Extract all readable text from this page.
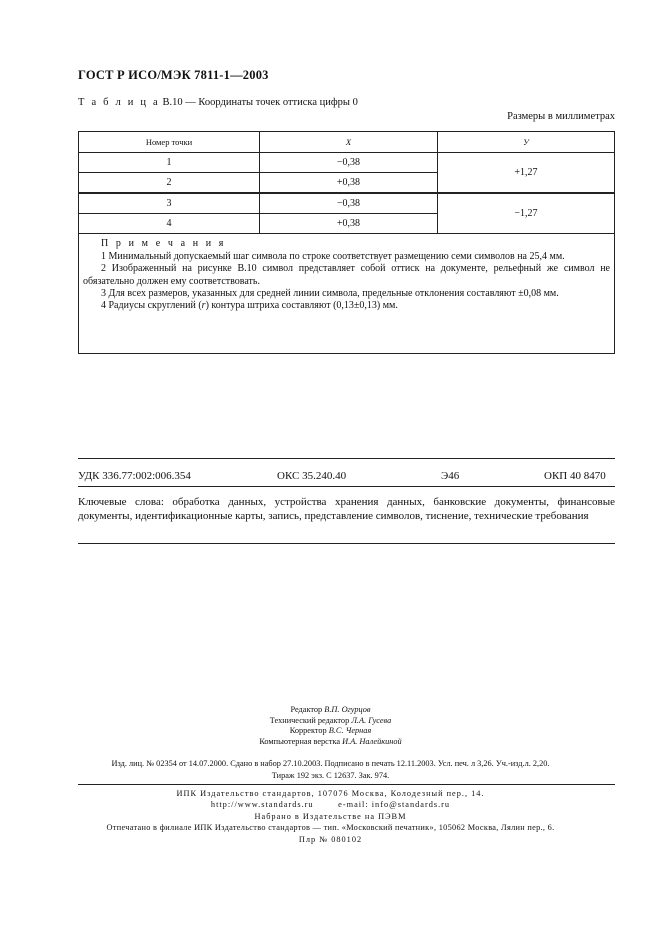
ГОСТ Р ИСО/МЭК 7811-1—2003
Т а б л и ц а В.10 — Координаты точек оттиска цифры 0
Размеры в миллиметрах
Номер точки	X	У
1	−0,38	+1,27
2	+0,38	
3	−0,38	−1,27
4	+0,38	
П р и м е ч а н и я

1 Минимальный допускаемый шаг символа по строке соответствует размещению семи символов на 25,4 мм.

2 Изображенный на рисунке В.10 символ представляет собой оттиск на документе, рельефный же символ не обязательно должен ему соответствовать.

3 Для всех размеров, указанных для средней линии символа, предельные отклонения составляют ±0,08 мм.

4 Радиусы скруглений (r) контура штриха составляют (0,13±0,13) мм.

УДК 336.77:002:006.354	ОКС 35.240.40	Э46	ОКП 40 8470
Ключевые слова: обработка данных, устройства хранения данных, банковские документы, финансовые документы, идентификационные карты, запись, представление символов, тиснение, технические требования
Редактор В.П. Огурцов
Технический редактор Л.А. Гусева
Корректор В.С. Черная
Компьютерная верстка И.А. Налейкиной
Изд. лиц. № 02354 от 14.07.2000. Сдано в набор 27.10.2003. Подписано в печать 12.11.2003. Усл. печ. л 3,26. Уч.-изд.л. 2,20.
Тираж 192 экз. С 12637. Зак. 974.
ИПК Издательство стандартов, 107076 Москва, Колодезный пер., 14.
http://www.standards.ru        e-mail: info@standards.ru
Набрано в Издательстве на ПЭВМ
Отпечатано в филиале ИПК Издательство стандартов — тип. «Московский печатник», 105062 Москва, Лялин пер., 6.
Плр № 080102
